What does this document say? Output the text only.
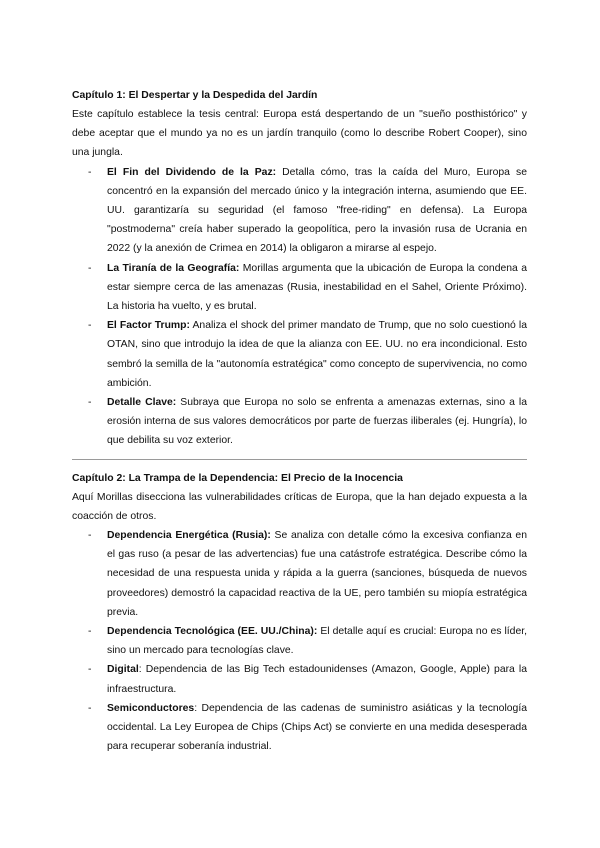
Capítulo 1: El Despertar y la Despedida del Jardín

Este capítulo establece la tesis central: Europa está despertando de un "sueño posthistórico" y debe aceptar que el mundo ya no es un jardín tranquilo (como lo describe Robert Cooper), sino una jungla.

- El Fin del Dividendo de la Paz: Detalla cómo, tras la caída del Muro, Europa se concentró en la expansión del mercado único y la integración interna, asumiendo que EE. UU. garantizaría su seguridad (el famoso "free-riding" en defensa). La Europa "postmoderna" creía haber superado la geopolítica, pero la invasión rusa de Ucrania en 2022 (y la anexión de Crimea en 2014) la obligaron a mirarse al espejo.
- La Tiranía de la Geografía: Morillas argumenta que la ubicación de Europa la condena a estar siempre cerca de las amenazas (Rusia, inestabilidad en el Sahel, Oriente Próximo). La historia ha vuelto, y es brutal.
- El Factor Trump: Analiza el shock del primer mandato de Trump, que no solo cuestionó la OTAN, sino que introdujo la idea de que la alianza con EE. UU. no era incondicional. Esto sembró la semilla de la "autonomía estratégica" como concepto de supervivencia, no como ambición.
- Detalle Clave: Subraya que Europa no solo se enfrenta a amenazas externas, sino a la erosión interna de sus valores democráticos por parte de fuerzas iliberales (ej. Hungría), lo que debilita su voz exterior.

Capítulo 2: La Trampa de la Dependencia: El Precio de la Inocencia

Aquí Morillas disecciona las vulnerabilidades críticas de Europa, que la han dejado expuesta a la coacción de otros.

- Dependencia Energética (Rusia): Se analiza con detalle cómo la excesiva confianza en el gas ruso (a pesar de las advertencias) fue una catástrofe estratégica. Describe cómo la necesidad de una respuesta unida y rápida a la guerra (sanciones, búsqueda de nuevos proveedores) demostró la capacidad reactiva de la UE, pero también su miopía estratégica previa.
- Dependencia Tecnológica (EE. UU./China): El detalle aquí es crucial: Europa no es líder, sino un mercado para tecnologías clave.
- Digital: Dependencia de las Big Tech estadounidenses (Amazon, Google, Apple) para la infraestructura.
- Semiconductores: Dependencia de las cadenas de suministro asiáticas y la tecnología occidental. La Ley Europea de Chips (Chips Act) se convierte en una medida desesperada para recuperar soberanía industrial.
